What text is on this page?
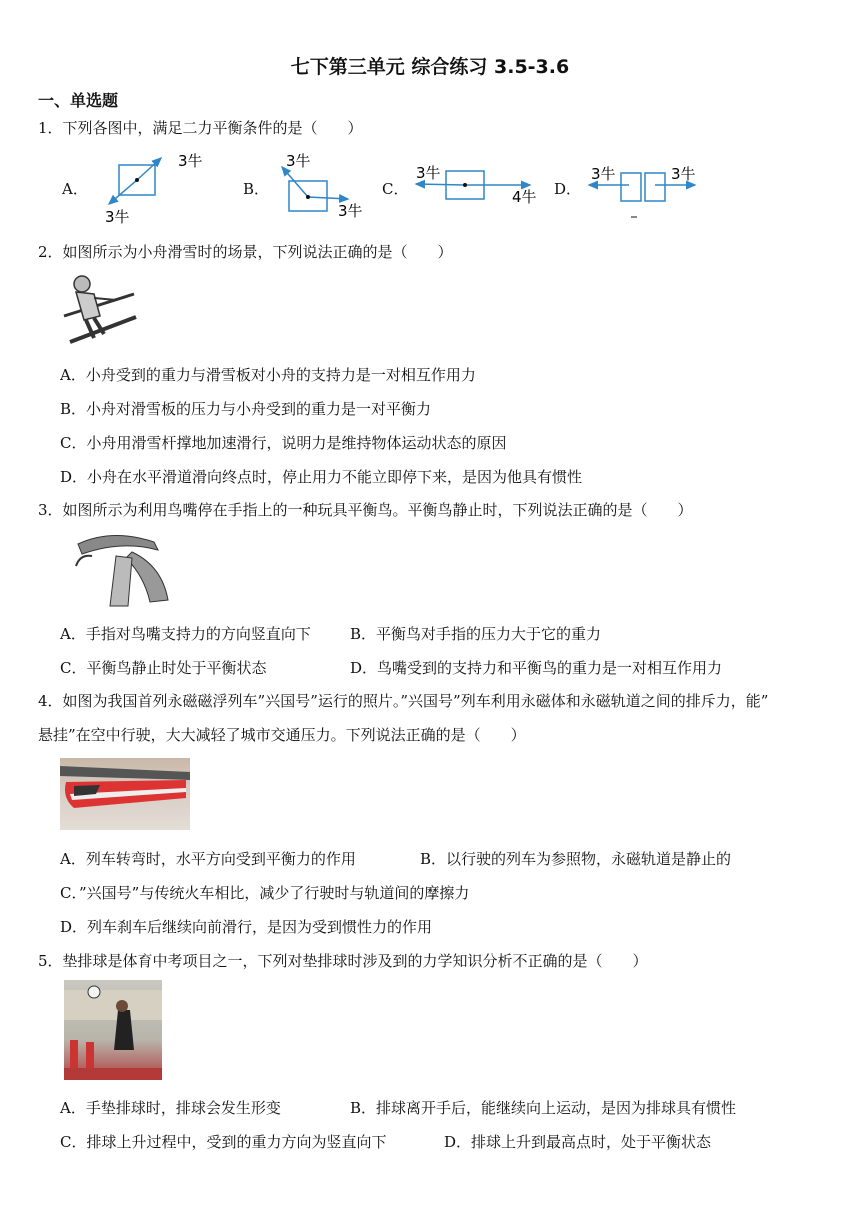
七下第三单元 综合练习 3.5-3.6
一、单选题
1．下列各图中，满足二力平衡条件的是（　　）
A．
3牛
3牛
B．
3牛
3牛
C．
3牛
4牛 D．
3牛	3牛
2．如图所示为小舟滑雪时的场景，下列说法正确的是（　　）
A．小舟受到的重力与滑雪板对小舟的支持力是一对相互作用力
B．小舟对滑雪板的压力与小舟受到的重力是一对平衡力
C．小舟用滑雪杆撑地加速滑行，说明力是维持物体运动状态的原因
D．小舟在水平滑道滑向终点时，停止用力不能立即停下来，是因为他具有惯性
3．如图所示为利用鸟嘴停在手指上的一种玩具平衡鸟。平衡鸟静止时，下列说法正确的是（　　）
A．手指对鸟嘴支持力的方向竖直向下	B．平衡鸟对手指的压力大于它的重力
C．平衡鸟静止时处于平衡状态	D．鸟嘴受到的支持力和平衡鸟的重力是一对相互作用力
4．如图为我国首列永磁磁浮列车”兴国号”运行的照片。”兴国号”列车利用永磁体和永磁轨道之间的排斥力，能”
悬挂”在空中行驶，大大减轻了城市交通压力。下列说法正确的是（　　）
A．列车转弯时，水平方向受到平衡力的作用	B．以行驶的列车为参照物，永磁轨道是静止的
C．”兴国号”与传统火车相比，减少了行驶时与轨道间的摩擦力
D．列车刹车后继续向前滑行，是因为受到惯性力的作用
5．垫排球是体育中考项目之一，下列对垫排球时涉及到的力学知识分析不正确的是（　　）
A．手垫排球时，排球会发生形变	B．排球离开手后，能继续向上运动，是因为排球具有惯性
C．排球上升过程中，受到的重力方向为竖直向下	D．排球上升到最高点时，处于平衡状态
